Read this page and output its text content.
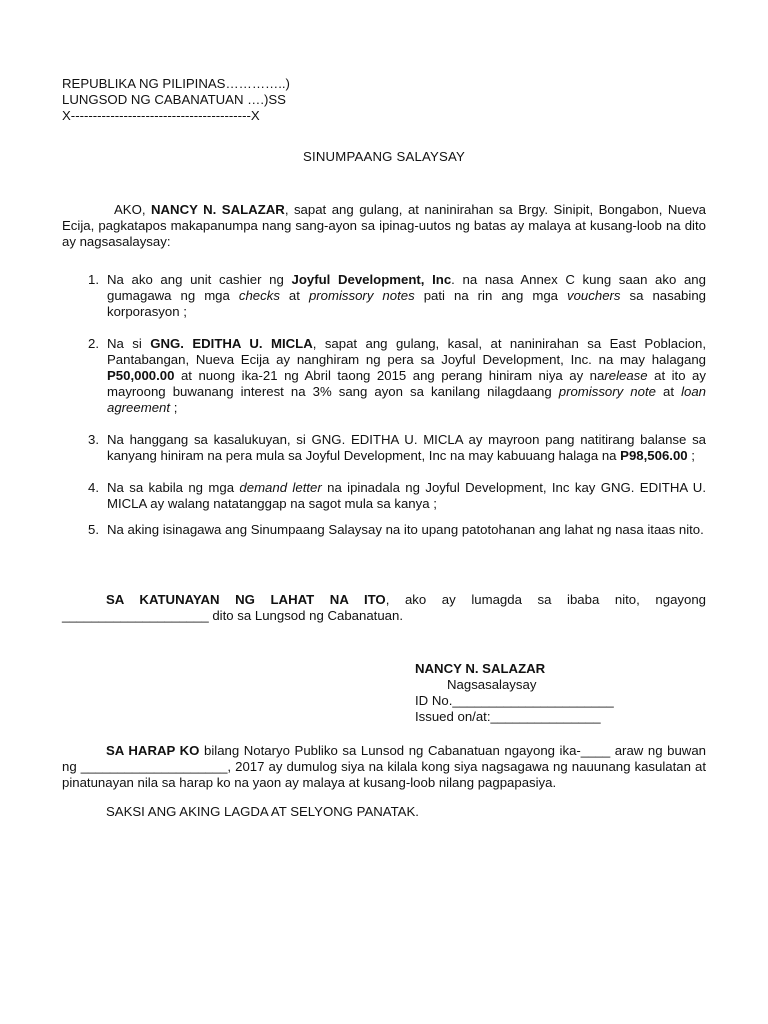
REPUBLIKA NG PILIPINAS…………..)
LUNGSOD NG CABANATUAN ….)SS
X-----------------------------------------X
SINUMPAANG SALAYSAY
AKO, NANCY N. SALAZAR, sapat ang gulang, at naninirahan sa Brgy. Sinipit, Bongabon, Nueva Ecija, pagkatapos makapanumpa nang sang-ayon sa ipinag-uutos ng batas ay malaya at kusang-loob na dito ay nagsasalaysay:
1. Na ako ang unit cashier ng Joyful Development, Inc. na nasa Annex C kung saan ako ang gumagawa ng mga checks at promissory notes pati na rin ang mga vouchers sa nasabing korporasyon ;
2. Na si GNG. EDITHA U. MICLA, sapat ang gulang, kasal, at naninirahan sa East Poblacion, Pantabangan, Nueva Ecija ay nanghiram ng pera sa Joyful Development, Inc. na may halagang P50,000.00 at nuong ika-21 ng Abril taong 2015 ang perang hiniram niya ay narelease at ito ay mayroong buwanang interest na 3% sang ayon sa kanilang nilagdaang promissory note at loan agreement ;
3. Na hanggang sa kasalukuyan, si GNG. EDITHA U. MICLA ay mayroon pang natitirang balanse sa kanyang hiniram na pera mula sa Joyful Development, Inc na may kabuuang halaga na P98,506.00 ;
4. Na sa kabila ng mga demand letter na ipinadala ng Joyful Development, Inc kay GNG. EDITHA U. MICLA ay walang natatanggap na sagot mula sa kanya ;
5. Na aking isinagawa ang Sinumpaang Salaysay na ito upang patotohanan ang lahat ng nasa itaas nito.
SA KATUNAYAN NG LAHAT NA ITO, ako ay lumagda sa ibaba nito, ngayong ____________________ dito sa Lungsod ng Cabanatuan.
NANCY N. SALAZAR
Nagsasalaysay
ID No.______________________
Issued on/at:_______________
SA HARAP KO bilang Notaryo Publiko sa Lunsod ng Cabanatuan ngayong ika-____ araw ng buwan ng ____________________, 2017 ay dumulog siya na kilala kong siya nagsagawa ng nauunang kasulatan at pinatunayan nila sa harap ko na yaon ay malaya at kusang-loob nilang pagpapasiya.
SAKSI ANG AKING LAGDA AT SELYONG PANATAK.
